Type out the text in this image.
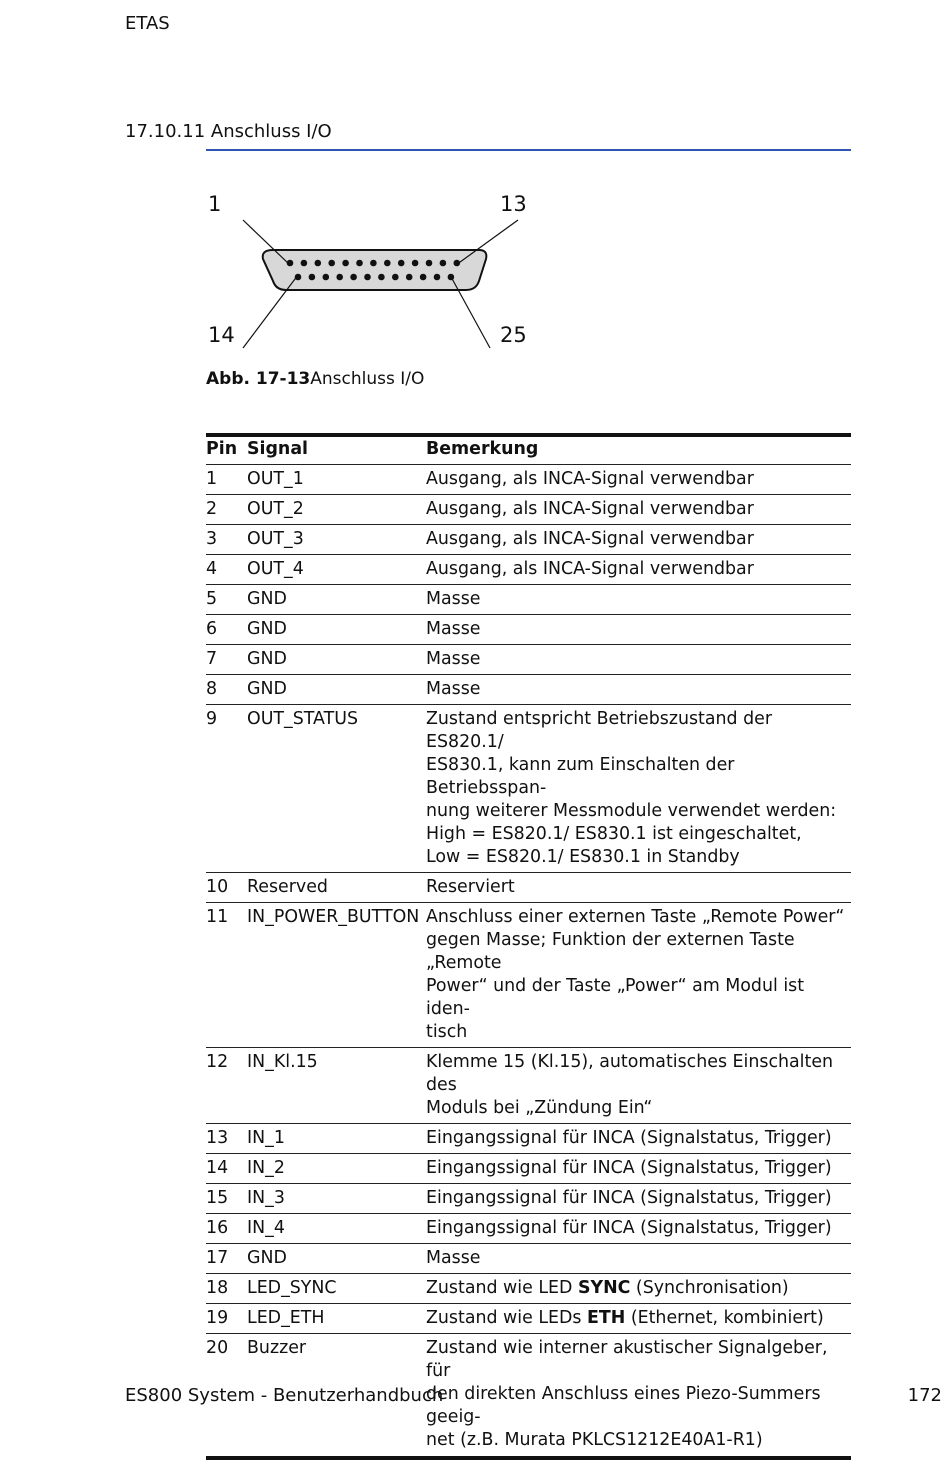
ETAS
17.10.11 Anschluss I/O
1	13
14	25
Abb. 17-13Anschluss I/O
Pin	Signal	Bemerkung
1	OUT_1	Ausgang, als INCA-Signal verwendbar

2	OUT_2	Ausgang, als INCA-Signal verwendbar

3	OUT_3	Ausgang, als INCA-Signal verwendbar

4	OUT_4	Ausgang, als INCA-Signal verwendbar

5	GND	Masse

6	GND	Masse

7	GND	Masse

8	GND	Masse

9	OUT_STATUS	Zustand entspricht Betriebszustand der ES820.1/
ES830.1, kann zum Einschalten der Betriebsspan-
nung weiterer Messmodule verwendet werden:
High = ES820.1/ ES830.1 ist eingeschaltet,
Low = ES820.1/ ES830.1 in Standby

10	Reserved	Reserviert

11	IN_POWER_BUTTON	Anschluss einer externen Taste „Remote Power“
gegen Masse; Funktion der externen Taste „Remote
Power“ und der Taste „Power“ am Modul ist iden-
tisch

12	IN_Kl.15	Klemme 15 (Kl.15), automatisches Einschalten des
Moduls bei „Zündung Ein“

13	IN_1	Eingangssignal für INCA (Signalstatus, Trigger)

14	IN_2	Eingangssignal für INCA (Signalstatus, Trigger)

15	IN_3	Eingangssignal für INCA (Signalstatus, Trigger)

16	IN_4	Eingangssignal für INCA (Signalstatus, Trigger)

17	GND	Masse

18	LED_SYNC	Zustand wie LED SYNC (Synchronisation)
19	LED_ETH	Zustand wie LEDs ETH (Ethernet, kombiniert)
20	Buzzer	Zustand wie interner akustischer Signalgeber, für
den direkten Anschluss eines Piezo-Summers geeig-
net (z.B. Murata PKLCS1212E40A1-R1)
ES800 System - Benutzerhandbuch	172
